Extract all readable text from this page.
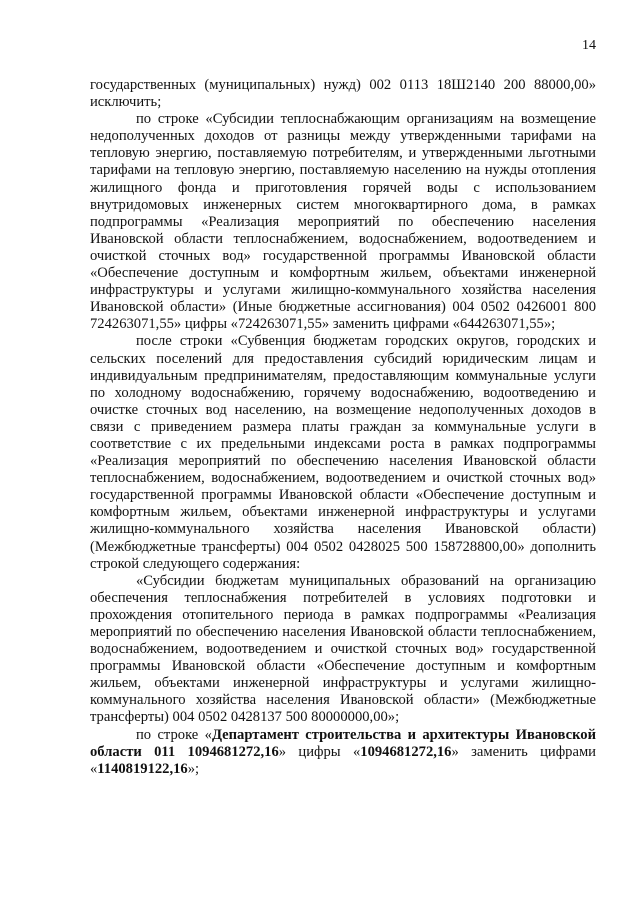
14

государственных (муниципальных) нужд) 002 0113 18Ш2140 200 88000,00» исключить;

по строке «Субсидии теплоснабжающим организациям на возмещение недополученных доходов от разницы между утвержденными тарифами на тепловую энергию, поставляемую потребителям, и утвержденными льготными тарифами на тепловую энергию, поставляемую населению на нужды отопления жилищного фонда и приготовления горячей воды с использованием внутридомовых инженерных систем многоквартирного дома, в рамках подпрограммы «Реализация мероприятий по обеспечению населения Ивановской области теплоснабжением, водоснабжением, водоотведением и очисткой сточных вод» государственной программы Ивановской области «Обеспечение доступным и комфортным жильем, объектами инженерной инфраструктуры и услугами жилищно-коммунального хозяйства населения Ивановской области» (Иные бюджетные ассигнования) 004 0502 0426001 800 724263071,55» цифры «724263071,55» заменить цифрами «644263071,55»;

после строки «Субвенция бюджетам городских округов, городских и сельских поселений для предоставления субсидий юридическим лицам и индивидуальным предпринимателям, предоставляющим коммунальные услуги по холодному водоснабжению, горячему водоснабжению, водоотведению и очистке сточных вод населению, на возмещение недополученных доходов в связи с приведением размера платы граждан за коммунальные услуги в соответствие с их предельными индексами роста в рамках подпрограммы «Реализация мероприятий по обеспечению населения Ивановской области теплоснабжением, водоснабжением, водоотведением и очисткой сточных вод» государственной программы Ивановской области «Обеспечение доступным и комфортным жильем, объектами инженерной инфраструктуры и услугами жилищно-коммунального хозяйства населения Ивановской области) (Межбюджетные трансферты) 004 0502 0428025 500 158728800,00» дополнить строкой следующего содержания:

«Субсидии бюджетам муниципальных образований на организацию обеспечения теплоснабжения потребителей в условиях подготовки и прохождения отопительного периода в рамках подпрограммы «Реализация мероприятий по обеспечению населения Ивановской области теплоснабжением, водоснабжением, водоотведением и очисткой сточных вод» государственной программы Ивановской области «Обеспечение доступным и комфортным жильем, объектами инженерной инфраструктуры и услугами жилищно-коммунального хозяйства населения Ивановской области» (Межбюджетные трансферты) 004 0502 0428137 500 80000000,00»;

по строке «Департамент строительства и архитектуры Ивановской области 011 1094681272,16» цифры «1094681272,16» заменить цифрами «1140819122,16»;
